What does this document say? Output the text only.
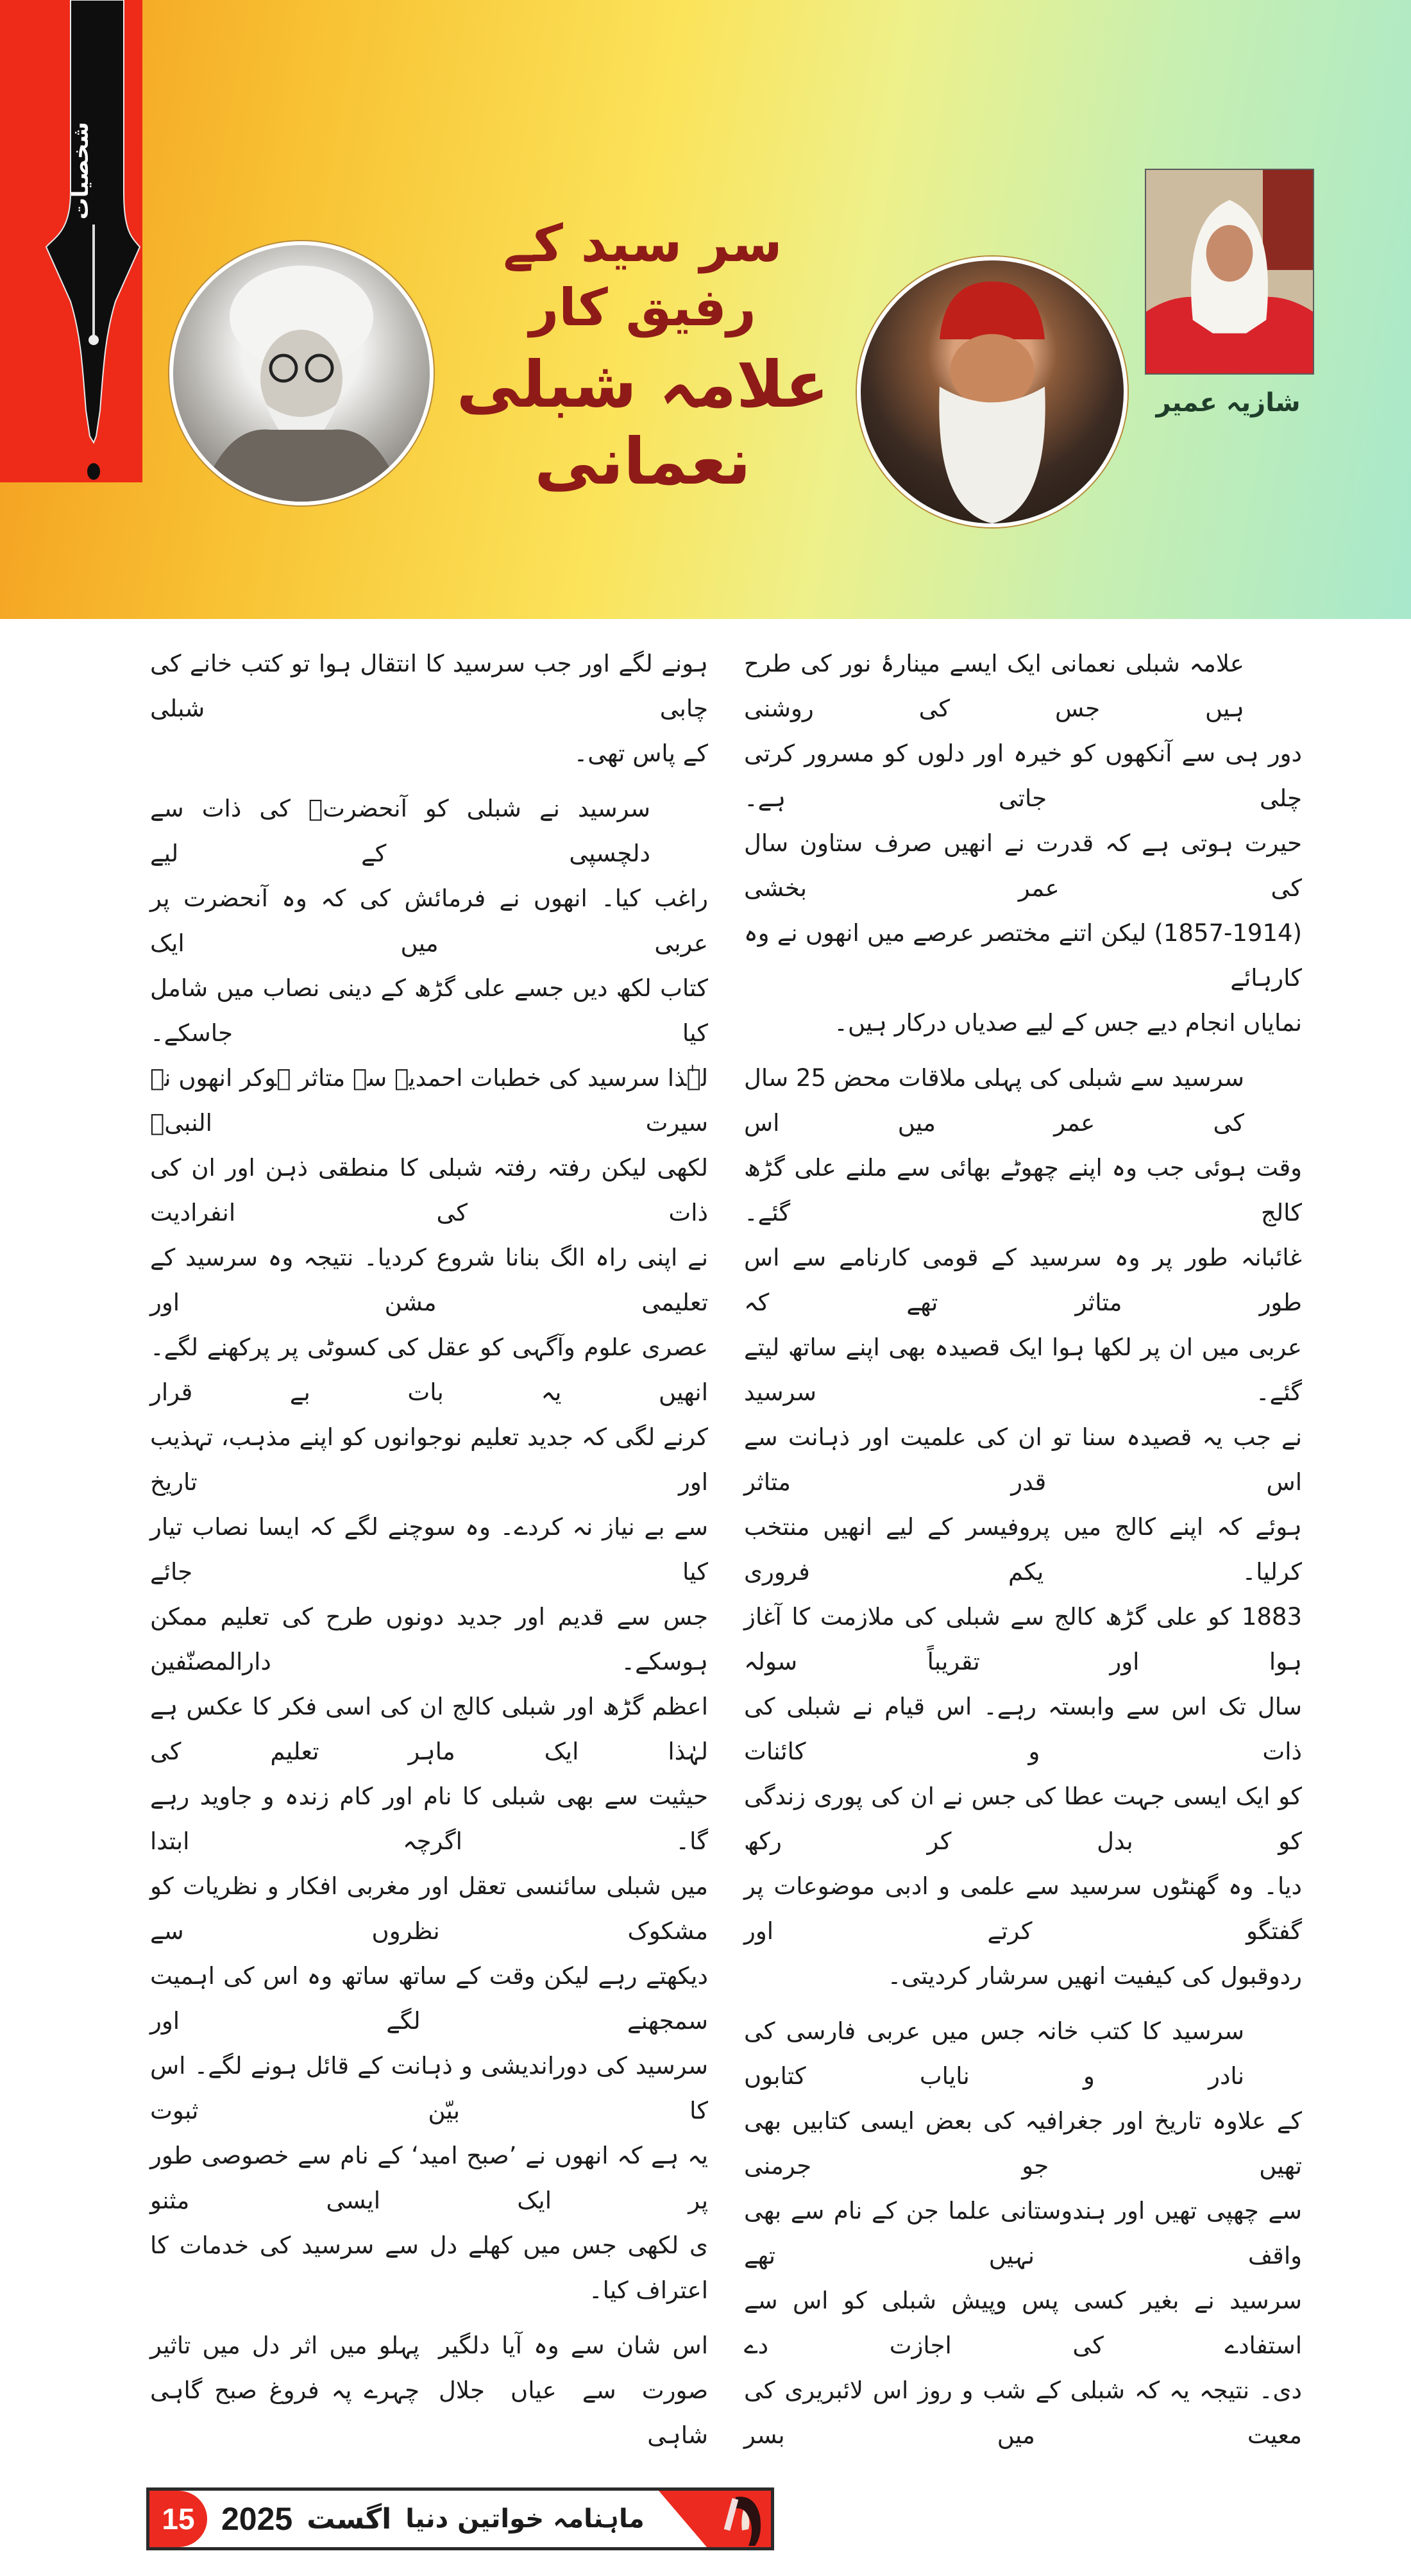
شخصیات
سر سید کے رفیق کار
علامہ شبلی نعمانی
شازیہ عمیر
ہونے لگے اور جب سرسید کا انتقال ہوا تو کتب خانے کی چابی شبلی
کے پاس تھی۔
سرسید نے شبلی کو آنحضرتؐ کی ذات سے دلچسپی کے لیے
راغب کیا۔ انھوں نے فرمائش کی کہ وہ آنحضرت پر عربی میں ایک
کتاب لکھ دیں جسے علی گڑھ کے دینی نصاب میں شامل کیا جاسکے۔
لہٰذا سرسید کی خطبات احمدیہ سے متاثر ہوکر انھوں نے سیرت النبیؐ
لکھی لیکن رفتہ رفتہ شبلی کا منطقی ذہن اور ان کی ذات کی انفرادیت
نے اپنی راہ الگ بنانا شروع کردیا۔ نتیجہ وہ سرسید کے تعلیمی مشن اور
عصری علوم وآگہی کو عقل کی کسوٹی پر پرکھنے لگے۔ انھیں یہ بات بے قرار
کرنے لگی کہ جدید تعلیم نوجوانوں کو اپنے مذہب، تہذیب اور تاریخ
سے بے نیاز نہ کردے۔ وہ سوچنے لگے کہ ایسا نصاب تیار کیا جائے
جس سے قدیم اور جدید دونوں طرح کی تعلیم ممکن ہوسکے۔ دارالمصنّفین
اعظم گڑھ اور شبلی کالج ان کی اسی فکر کا عکس ہے لہٰذا ایک ماہر تعلیم کی
حیثیت سے بھی شبلی کا نام اور کام زندہ و جاوید رہے گا۔ اگرچہ ابتدا
میں شبلی سائنسی تعقل اور مغربی افکار و نظریات کو مشکوک نظروں سے
دیکھتے رہے لیکن وقت کے ساتھ ساتھ وہ اس کی اہمیت سمجھنے لگے اور
سرسید کی دوراندیشی و ذہانت کے قائل ہونے لگے۔ اس کا بیّن ثبوت
یہ ہے کہ انھوں نے ’صبح امید‘ کے نام سے خصوصی طور پر ایک ایسی مثنو
ی لکھی جس میں کھلے دل سے سرسید کی خدمات کا اعتراف کیا۔
اس شان سے وہ آیا دلگیر
پہلو میں اثر دل میں تاثیر
صورت سے عیاں جلال شاہی
چہرے پہ فروغ صبح گاہی
علامہ شبلی نعمانی ایک ایسے مینارۂ نور کی طرح ہیں جس کی روشنی
دور ہی سے آنکھوں کو خیرہ اور دلوں کو مسرور کرتی چلی جاتی ہے۔
حیرت ہوتی ہے کہ قدرت نے انھیں صرف ستاون سال کی عمر بخشی
(1857-1914) لیکن اتنے مختصر عرصے میں انھوں نے وہ کارہائے
نمایاں انجام دیے جس کے لیے صدیاں درکار ہیں۔
سرسید سے شبلی کی پہلی ملاقات محض 25 سال کی عمر میں اس
وقت ہوئی جب وہ اپنے چھوٹے بھائی سے ملنے علی گڑھ کالج گئے۔
غائبانہ طور پر وہ سرسید کے قومی کارنامے سے اس طور متاثر تھے کہ
عربی میں ان پر لکھا ہوا ایک قصیدہ بھی اپنے ساتھ لیتے گئے۔ سرسید
نے جب یہ قصیدہ سنا تو ان کی علمیت اور ذہانت سے اس قدر متاثر
ہوئے کہ اپنے کالج میں پروفیسر کے لیے انھیں منتخب کرلیا۔ یکم فروری
1883 کو علی گڑھ کالج سے شبلی کی ملازمت کا آغاز ہوا اور تقریباً سولہ
سال تک اس سے وابستہ رہے۔ اس قیام نے شبلی کی ذات و کائنات
کو ایک ایسی جہت عطا کی جس نے ان کی پوری زندگی کو بدل کر رکھ
دیا۔ وہ گھنٹوں سرسید سے علمی و ادبی موضوعات پر گفتگو کرتے اور
ردوقبول کی کیفیت انھیں سرشار کردیتی۔
سرسید کا کتب خانہ جس میں عربی فارسی کی نادر و نایاب کتابوں
کے علاوہ تاریخ اور جغرافیہ کی بعض ایسی کتابیں بھی تھیں جو جرمنی
سے چھپی تھیں اور ہندوستانی علما جن کے نام سے بھی واقف نہیں تھے
سرسید نے بغیر کسی پس وپیش شبلی کو اس سے استفادے کی اجازت دے
دی۔ نتیجہ یہ کہ شبلی کے شب و روز اس لائبریری کی معیت میں بسر
15 2025 اگست ماہنامہ خواتین دنیا
